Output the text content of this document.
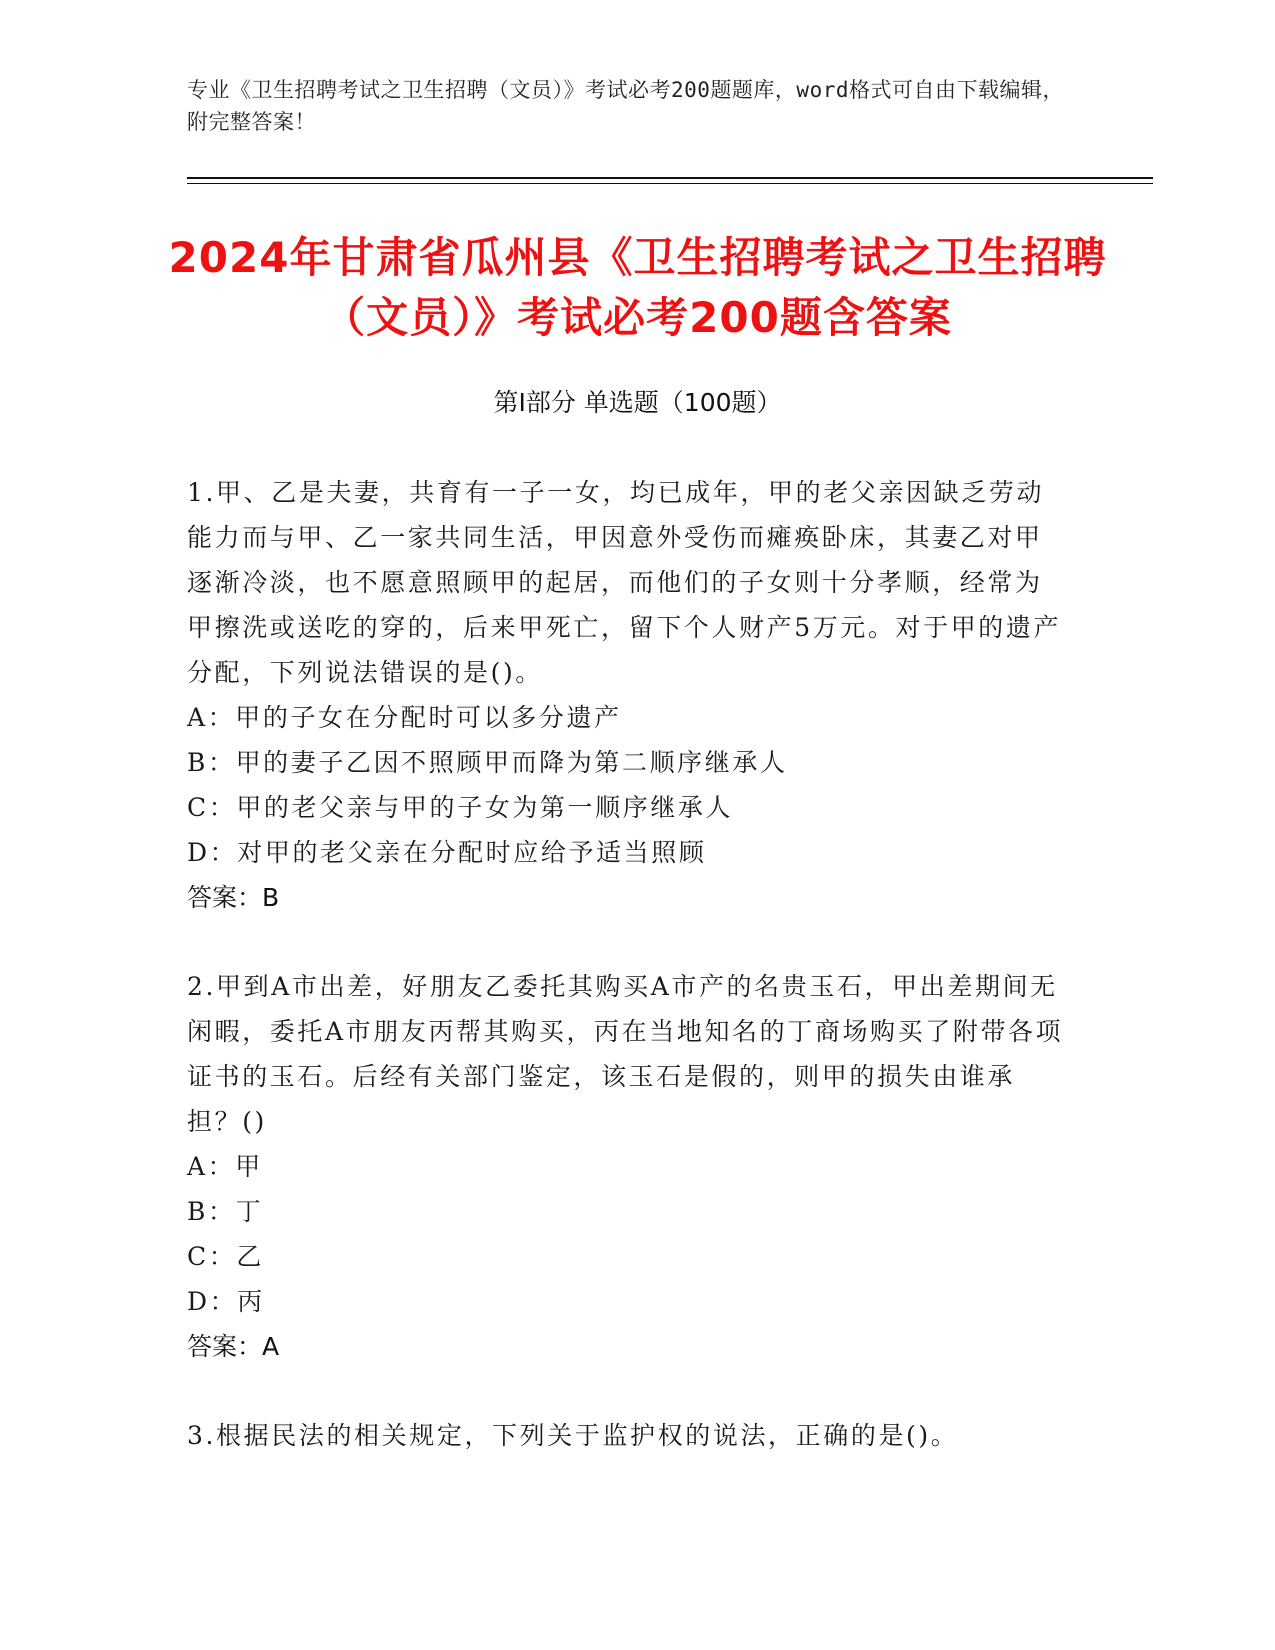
专业《卫生招聘考试之卫生招聘（文员）》考试必考200题题库，word格式可自由下载编辑，附完整答案！
2024年甘肃省瓜州县《卫生招聘考试之卫生招聘（文员）》考试必考200题含答案
第Ⅰ部分 单选题（100题）

1.甲、乙是夫妻，共育有一子一女，均已成年，甲的老父亲因缺乏劳动能力而与甲、乙一家共同生活，甲因意外受伤而瘫痪卧床，其妻乙对甲逐渐冷淡，也不愿意照顾甲的起居，而他们的子女则十分孝顺，经常为甲擦洗或送吃的穿的，后来甲死亡，留下个人财产5万元。对于甲的遗产分配，下列说法错误的是()。

A：甲的子女在分配时可以多分遗产

B：甲的妻子乙因不照顾甲而降为第二顺序继承人

C：甲的老父亲与甲的子女为第一顺序继承人

D：对甲的老父亲在分配时应给予适当照顾

答案：B

2.甲到A市出差，好朋友乙委托其购买A市产的名贵玉石，甲出差期间无闲暇，委托A市朋友丙帮其购买，丙在当地知名的丁商场购买了附带各项证书的玉石。后经有关部门鉴定，该玉石是假的，则甲的损失由谁承担？()

A：甲

B：丁

C：乙

D：丙

答案：A

3.根据民法的相关规定，下列关于监护权的说法，正确的是()。
